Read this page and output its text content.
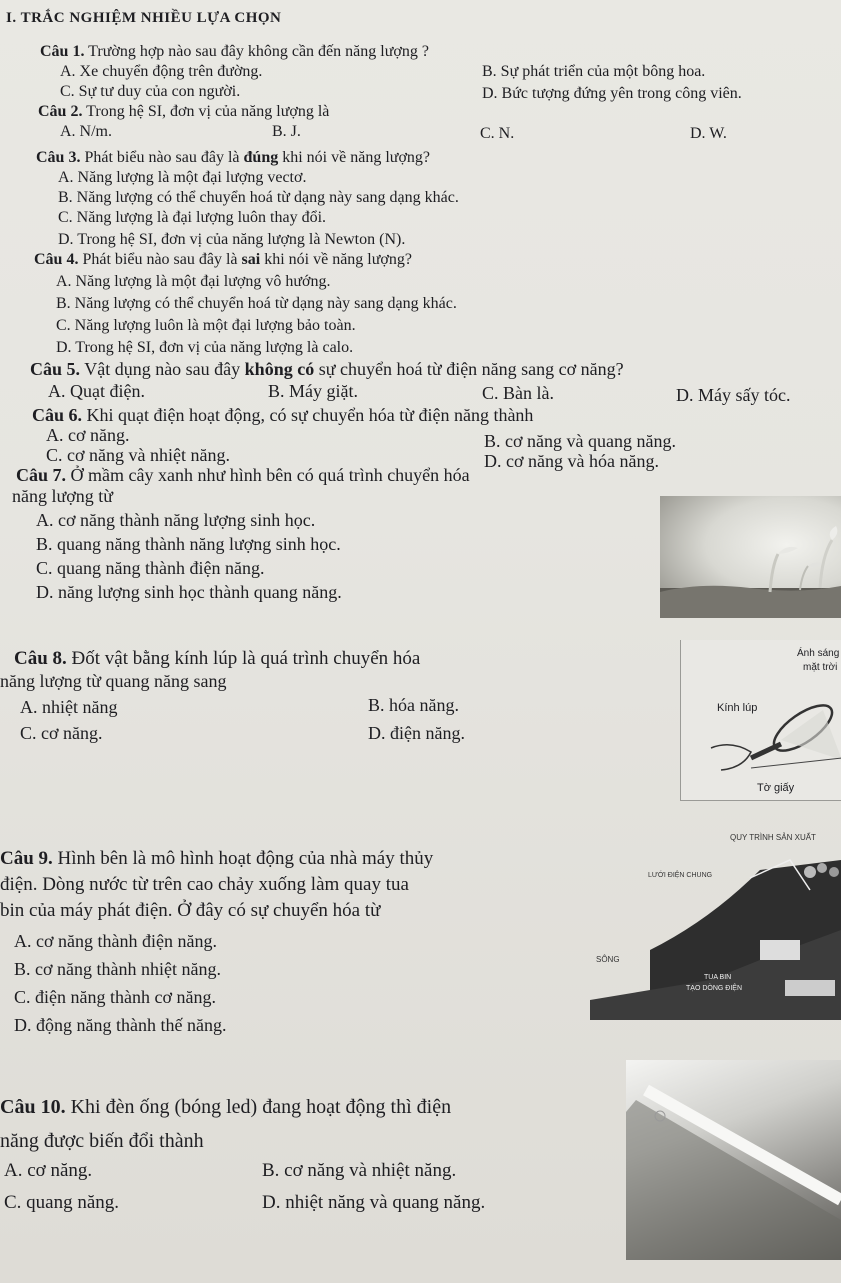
I. TRẮC NGHIỆM NHIỀU LỰA CHỌN
Câu 1. Trường hợp nào sau đây không cần đến năng lượng ?
A. Xe chuyển động trên đường.	B. Sự phát triển của một bông hoa.
C. Sự tư duy của con người.	D. Bức tượng đứng yên trong công viên.
Câu 2. Trong hệ SI, đơn vị của năng lượng là
A. N/m.	B. J.	C. N.	D. W.
Câu 3. Phát biểu nào sau đây là đúng khi nói về năng lượng?
A. Năng lượng là một đại lượng vectơ.
B. Năng lượng có thể chuyển hoá từ dạng này sang dạng khác.
C. Năng lượng là đại lượng luôn thay đổi.
D. Trong hệ SI, đơn vị của năng lượng là Newton (N).
Câu 4. Phát biểu nào sau đây là sai khi nói về năng lượng?
A. Năng lượng là một đại lượng vô hướng.
B. Năng lượng có thể chuyển hoá từ dạng này sang dạng khác.
C. Năng lượng luôn là một đại lượng bảo toàn.
D. Trong hệ SI, đơn vị của năng lượng là calo.
Câu 5. Vật dụng nào sau đây không có sự chuyển hoá từ điện năng sang cơ năng?
A. Quạt điện.	B. Máy giặt.	C. Bàn là.	D. Máy sấy tóc.
Câu 6. Khi quạt điện hoạt động, có sự chuyển hóa từ điện năng thành
A. cơ năng.	B. cơ năng và quang năng.
C. cơ năng và nhiệt năng.	D. cơ năng và hóa năng.
Câu 7. Ở mầm cây xanh như hình bên có quá trình chuyển hóa
năng lượng từ
A. cơ năng thành năng lượng sinh học.
B. quang năng thành năng lượng sinh học.
C. quang năng thành điện năng.
D. năng lượng sinh học thành quang năng.
Câu 8. Đốt vật bằng kính lúp là quá trình chuyển hóa
năng lượng từ quang năng sang
A. nhiệt năng	B. hóa năng.
C. cơ năng.	D. điện năng.
Ánh sáng
mặt trời
Kính lúp
Tờ giấy
Câu 9. Hình bên là mô hình hoạt động của nhà máy thủy
điện. Dòng nước từ trên cao chảy xuống làm quay tua
bin của máy phát điện. Ở đây có sự chuyển hóa từ
A. cơ năng thành điện năng.
B. cơ năng thành nhiệt năng.
C. điện năng thành cơ năng.
D. động năng thành thế năng.
QUY TRÌNH SẢN XUẤT
LƯỚI ĐIỆN CHUNG
SÔNG
TUA BIN
TẠO DÒNG ĐIỆN
Câu 10. Khi đèn ống (bóng led) đang hoạt động thì điện
năng được biến đổi thành
A. cơ năng.	B. cơ năng và nhiệt năng.
C. quang năng.	D. nhiệt năng và quang năng.
